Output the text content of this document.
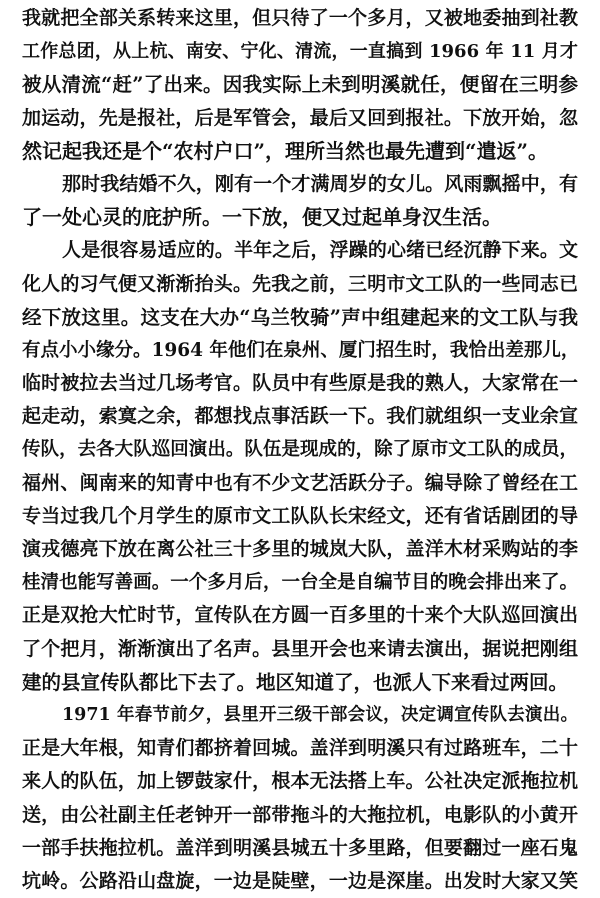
我就把全部关系转来这里，但只待了一个多月，又被地委抽到社教
工作总团，从上杭、南安、宁化、清流，一直搞到 1966 年 11 月才
被从清流“赶”了出来。因我实际上未到明溪就任，便留在三明参
加运动，先是报社，后是军管会，最后又回到报社。下放开始，忽
然记起我还是个“农村户口”，理所当然也最先遭到“遣返”。
那时我结婚不久，刚有一个才满周岁的女儿。风雨飘摇中，有
了一处心灵的庇护所。一下放，便又过起单身汉生活。
人是很容易适应的。半年之后，浮躁的心绪已经沉静下来。文
化人的习气便又渐渐抬头。先我之前，三明市文工队的一些同志已
经下放这里。这支在大办“乌兰牧骑”声中组建起来的文工队与我
有点小小缘分。1964 年他们在泉州、厦门招生时，我恰出差那儿，
临时被拉去当过几场考官。队员中有些原是我的熟人，大家常在一
起走动，索寞之余，都想找点事活跃一下。我们就组织一支业余宣
传队，去各大队巡回演出。队伍是现成的，除了原市文工队的成员，
福州、闽南来的知青中也有不少文艺活跃分子。编导除了曾经在工
专当过我几个月学生的原市文工队队长宋经文，还有省话剧团的导
演戎德亮下放在离公社三十多里的城岚大队，盖洋木材采购站的李
桂清也能写善画。一个多月后，一台全是自编节目的晚会排出来了。
正是双抢大忙时节，宣传队在方圆一百多里的十来个大队巡回演出
了个把月，渐渐演出了名声。县里开会也来请去演出，据说把刚组
建的县宣传队都比下去了。地区知道了，也派人下来看过两回。
1971 年春节前夕，县里开三级干部会议，决定调宣传队去演出。
正是大年根，知青们都挤着回城。盖洋到明溪只有过路班车，二十
来人的队伍，加上锣鼓家什，根本无法搭上车。公社决定派拖拉机
送，由公社副主任老钟开一部带拖斗的大拖拉机，电影队的小黄开
一部手扶拖拉机。盖洋到明溪县城五十多里路，但要翻过一座石鬼
坑岭。公路沿山盘旋，一边是陡壁，一边是深崖。出发时大家又笑
